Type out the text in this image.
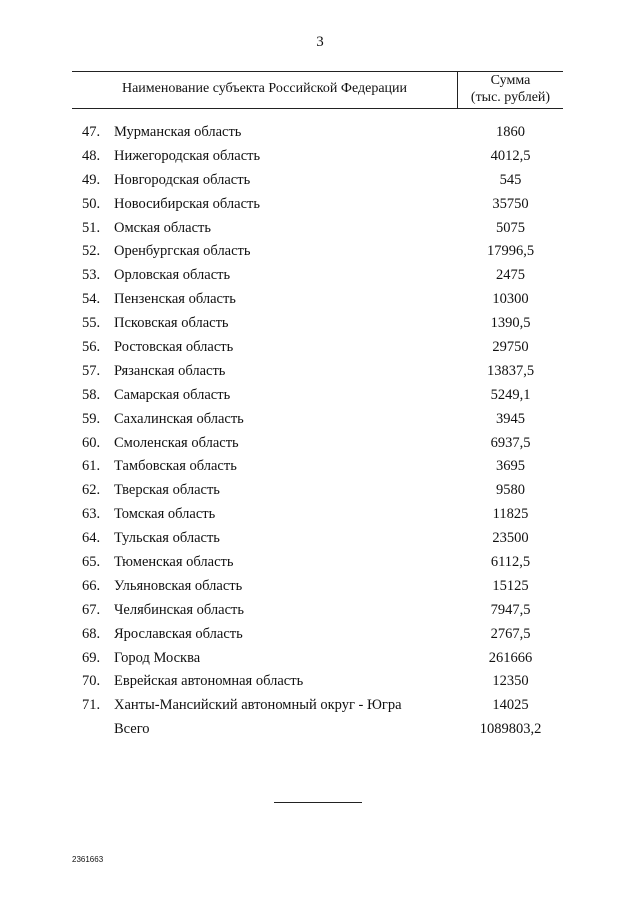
3
Наименование субъекта Российской Федерации
Сумма
(тыс. рублей)
47. Мурманская область	1860
48. Нижегородская область	4012,5
49. Новгородская область	545
50. Новосибирская область	35750
51. Омская область	5075
52. Оренбургская область	17996,5
53. Орловская область	2475
54. Пензенская область	10300
55. Псковская область	1390,5
56. Ростовская область	29750
57. Рязанская область	13837,5
58. Самарская область	5249,1
59. Сахалинская область	3945
60. Смоленская область	6937,5
61. Тамбовская область	3695
62. Тверская область	9580
63. Томская область	11825
64. Тульская область	23500
65. Тюменская область	6112,5
66. Ульяновская область	15125
67. Челябинская область	7947,5
68. Ярославская область	2767,5
69. Город Москва	261666
70. Еврейская автономная область	12350
71. Ханты-Мансийский автономный округ - Югра	14025
Всего	1089803,2
2361663
